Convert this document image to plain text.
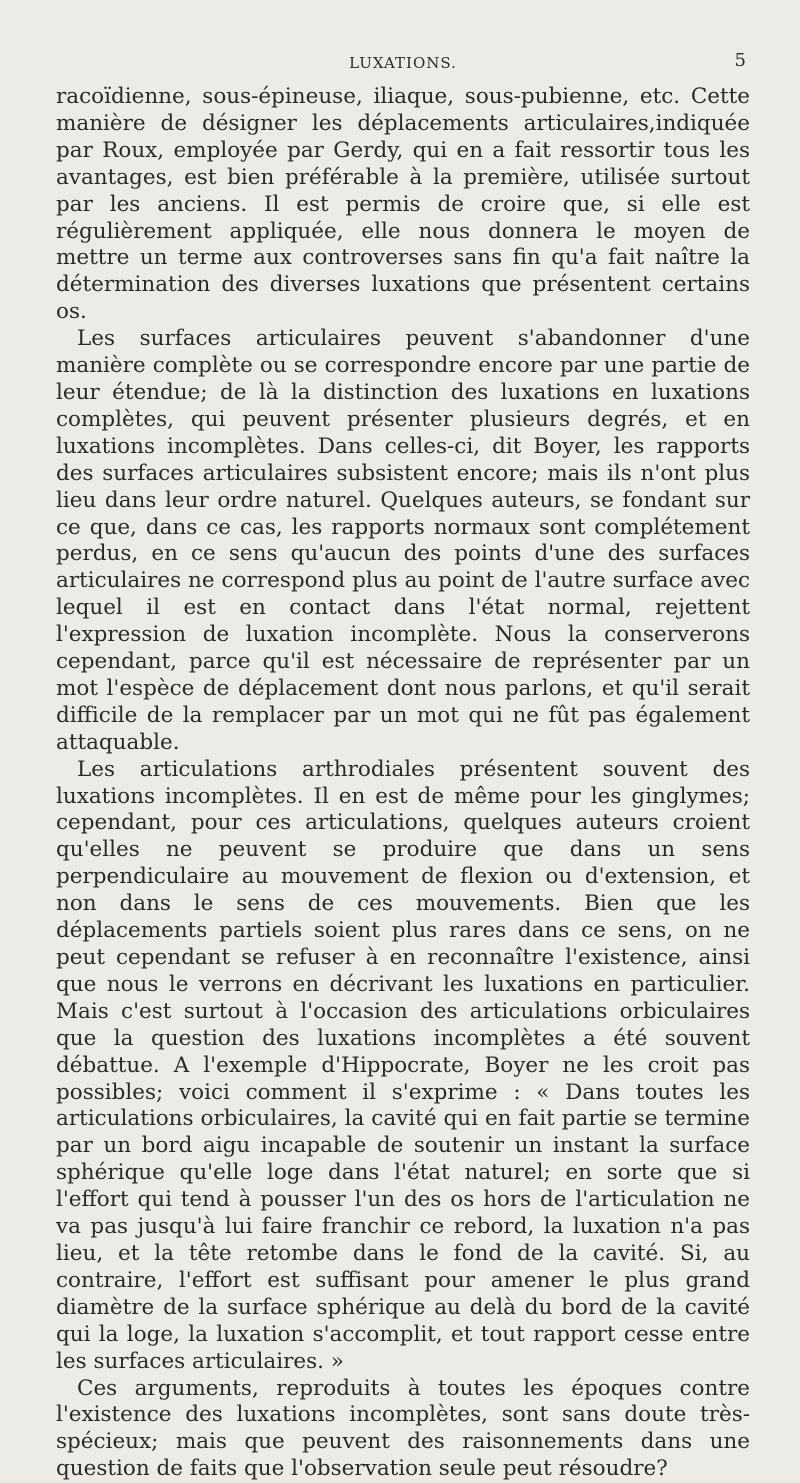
LUXATIONS.	5

racoïdienne, sous-épineuse, iliaque, sous-pubienne, etc. Cette manière de désigner les déplacements articulaires,indiquée par Roux, employée par Gerdy, qui en a fait ressortir tous les avantages, est bien préférable à la première, utilisée surtout par les anciens. Il est permis de croire que, si elle est régulièrement appliquée, elle nous donnera le moyen de mettre un terme aux controverses sans fin qu'a fait naître la détermination des diverses luxations que présentent certains os.

Les surfaces articulaires peuvent s'abandonner d'une manière complète ou se correspondre encore par une partie de leur étendue; de là la distinction des luxations en luxations complètes, qui peuvent présenter plusieurs degrés, et en luxations incomplètes. Dans celles-ci, dit Boyer, les rapports des surfaces articulaires subsistent encore; mais ils n'ont plus lieu dans leur ordre naturel. Quelques auteurs, se fondant sur ce que, dans ce cas, les rapports normaux sont complétement perdus, en ce sens qu'aucun des points d'une des surfaces articulaires ne correspond plus au point de l'autre surface avec lequel il est en contact dans l'état normal, rejettent l'expression de luxation incomplète. Nous la conserverons cependant, parce qu'il est nécessaire de représenter par un mot l'espèce de déplacement dont nous parlons, et qu'il serait difficile de la remplacer par un mot qui ne fût pas également attaquable.

Les articulations arthrodiales présentent souvent des luxations incomplètes. Il en est de même pour les ginglymes; cependant, pour ces articulations, quelques auteurs croient qu'elles ne peuvent se produire que dans un sens perpendiculaire au mouvement de flexion ou d'extension, et non dans le sens de ces mouvements. Bien que les déplacements partiels soient plus rares dans ce sens, on ne peut cependant se refuser à en reconnaître l'existence, ainsi que nous le verrons en décrivant les luxations en particulier. Mais c'est surtout à l'occasion des articulations orbiculaires que la question des luxations incomplètes a été souvent débattue. A l'exemple d'Hippocrate, Boyer ne les croit pas possibles; voici comment il s'exprime : « Dans toutes les articulations orbiculaires, la cavité qui en fait partie se termine par un bord aigu incapable de soutenir un instant la surface sphérique qu'elle loge dans l'état naturel; en sorte que si l'effort qui tend à pousser l'un des os hors de l'articulation ne va pas jusqu'à lui faire franchir ce rebord, la luxation n'a pas lieu, et la tête retombe dans le fond de la cavité. Si, au contraire, l'effort est suffisant pour amener le plus grand diamètre de la surface sphérique au delà du bord de la cavité qui la loge, la luxation s'accomplit, et tout rapport cesse entre les surfaces articulaires. »

Ces arguments, reproduits à toutes les époques contre l'existence des luxations incomplètes, sont sans doute très-spécieux; mais que peuvent des raisonnements dans une question de faits que l'observation seule peut résoudre?
